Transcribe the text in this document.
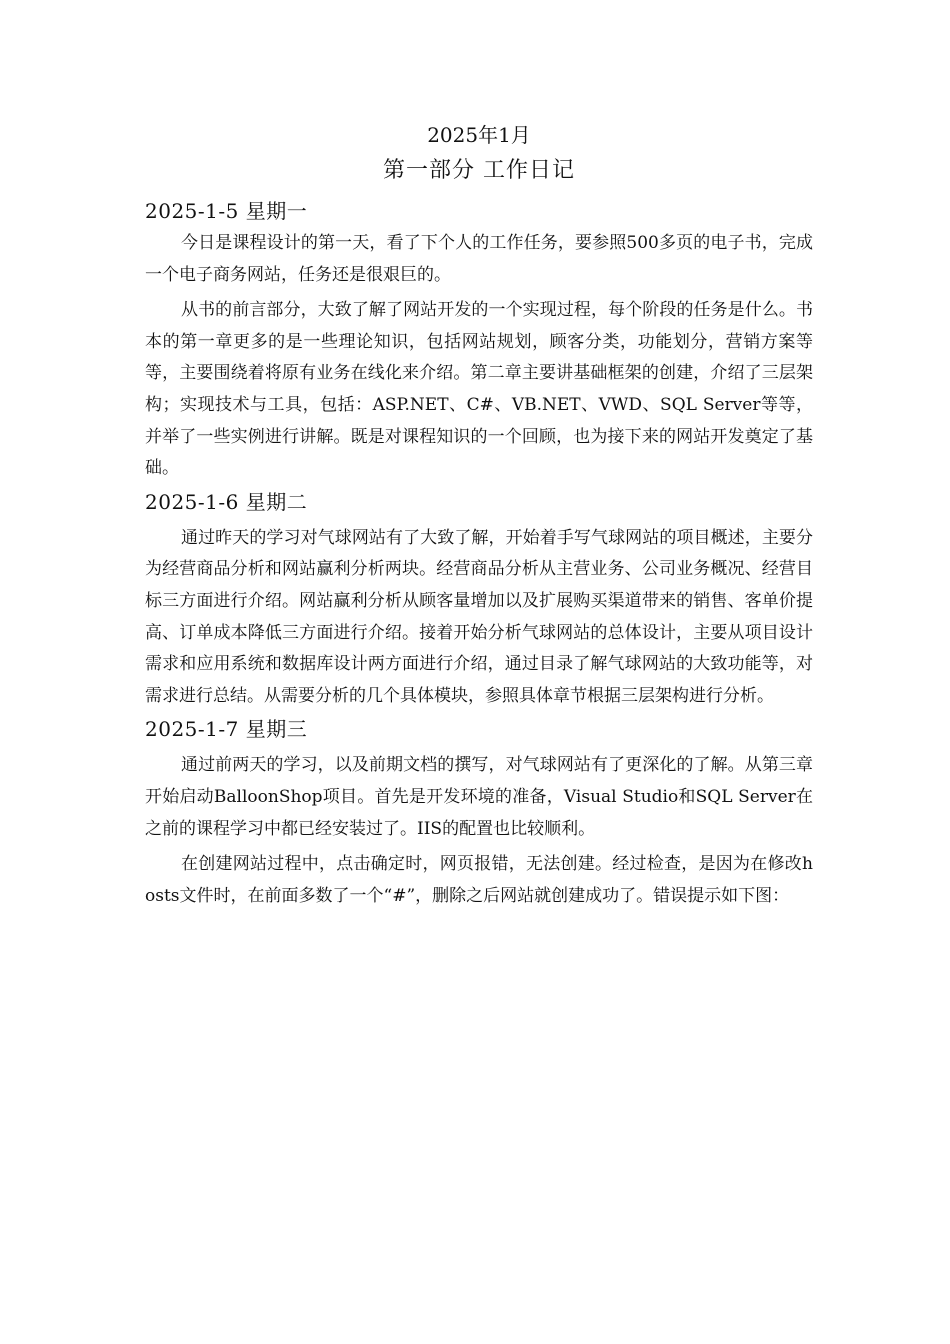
2025年1月

第一部分 工作日记

2025-1-5 星期一

今日是课程设计的第一天，看了下个人的工作任务，要参照500多页的电子书，完成一个电子商务网站，任务还是很艰巨的。

从书的前言部分，大致了解了网站开发的一个实现过程，每个阶段的任务是什么。书本的第一章更多的是一些理论知识，包括网站规划，顾客分类，功能划分，营销方案等等，主要围绕着将原有业务在线化来介绍。第二章主要讲基础框架的创建，介绍了三层架构；实现技术与工具，包括：ASP.NET、C#、VB.NET、VWD、SQL Server等等，并举了一些实例进行讲解。既是对课程知识的一个回顾，也为接下来的网站开发奠定了基础。

2025-1-6 星期二

通过昨天的学习对气球网站有了大致了解，开始着手写气球网站的项目概述，主要分为经营商品分析和网站赢利分析两块。经营商品分析从主营业务、公司业务概况、经营目标三方面进行介绍。网站赢利分析从顾客量增加以及扩展购买渠道带来的销售、客单价提高、订单成本降低三方面进行介绍。接着开始分析气球网站的总体设计，主要从项目设计需求和应用系统和数据库设计两方面进行介绍，通过目录了解气球网站的大致功能等，对需求进行总结。从需要分析的几个具体模块，参照具体章节根据三层架构进行分析。

2025-1-7 星期三

通过前两天的学习，以及前期文档的撰写，对气球网站有了更深化的了解。从第三章开始启动BalloonShop项目。首先是开发环境的准备，Visual Studio和SQL Server在之前的课程学习中都已经安装过了。IIS的配置也比较顺利。

在创建网站过程中，点击确定时，网页报错，无法创建。经过检查，是因为在修改hosts文件时，在前面多数了一个“#”，删除之后网站就创建成功了。错误提示如下图：
